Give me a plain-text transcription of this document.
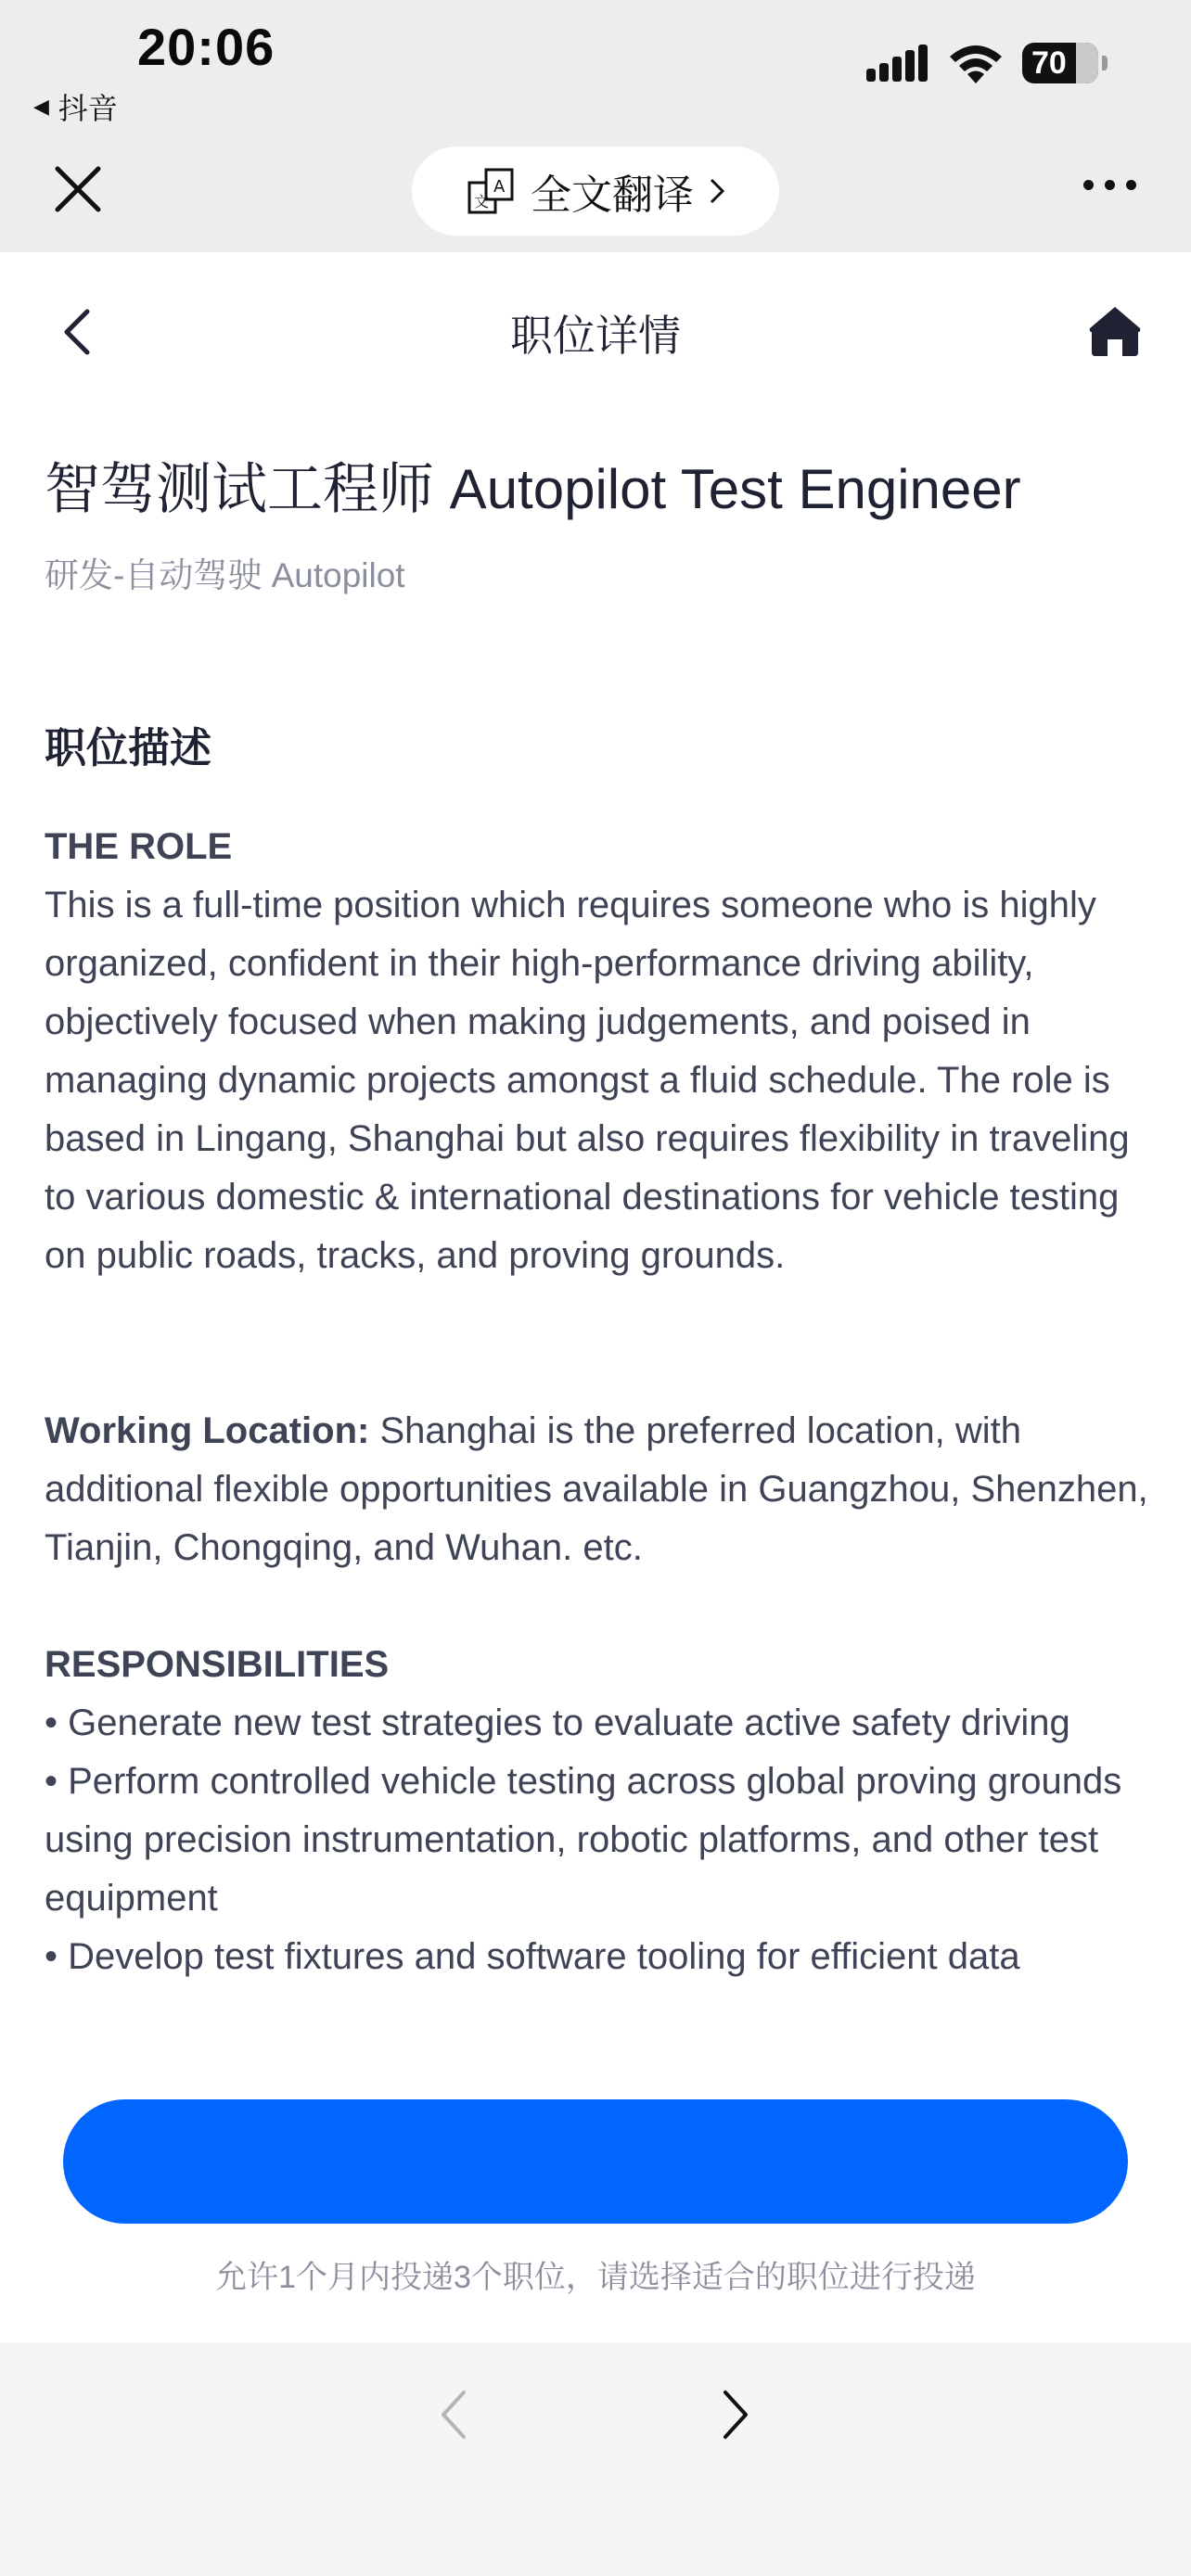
20:06
◀ 抖音
70
A
文 全文翻译
职位详情
智驾测试工程师 Autopilot Test Engineer
研发-自动驾驶 Autopilot
职位描述

THE ROLE

This is a full-time position which requires someone who is highly organized, confident in their high-performance driving ability, objectively focused when making judgements, and poised in managing dynamic projects amongst a fluid schedule. The role is based in Lingang, Shanghai but also requires flexibility in traveling to various domestic & international destinations for vehicle testing on public roads, tracks, and proving grounds.

Working Location: Shanghai is the preferred location, with additional flexible opportunities available in Guangzhou, Shenzhen, Tianjin, Chongqing, and Wuhan. etc.

RESPONSIBILITIES

• Generate new test strategies to evaluate active safety driving

• Perform controlled vehicle testing across global proving grounds using precision instrumentation, robotic platforms, and other test equipment

• Develop test fixtures and software tooling for efficient data

允许1个月内投递3个职位，请选择适合的职位进行投递
